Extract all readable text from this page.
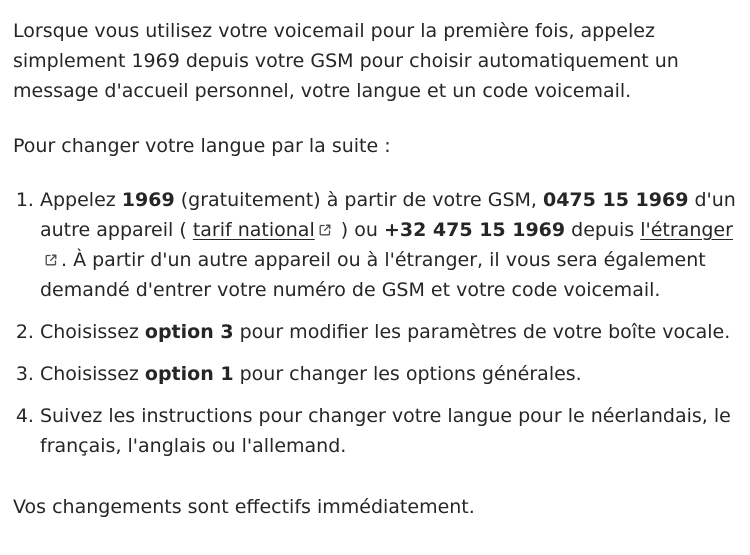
Lorsque vous utilisez votre voicemail pour la première fois, appelez simplement 1969 depuis votre GSM pour choisir automatiquement un message d'accueil personnel, votre langue et un code voicemail.

Pour changer votre langue par la suite :

1. Appelez 1969 (gratuitement) à partir de votre GSM, 0475 15 1969 d'un autre appareil ( tarif national ) ou +32 475 15 1969 depuis l'étranger
. À partir d'un autre appareil ou à l'étranger, il vous sera également demandé d'entrer votre numéro de GSM et votre code voicemail.
2. Choisissez option 3 pour modifier les paramètres de votre boîte vocale.
3. Choisissez option 1 pour changer les options générales.
4. Suivez les instructions pour changer votre langue pour le néerlandais, le français, l'anglais ou l'allemand.

Vos changements sont effectifs immédiatement.
